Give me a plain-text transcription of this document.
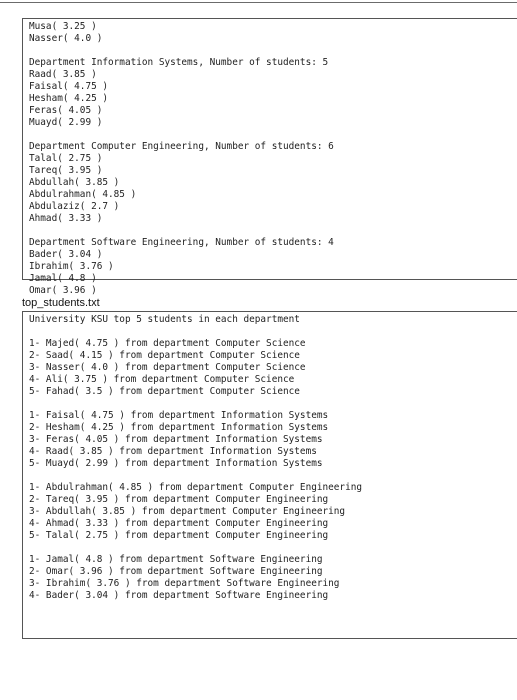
Musa( 3.25 )
Nasser( 4.0 )
Department Information Systems, Number of students: 5
Raad( 3.85 )
Faisal( 4.75 )
Hesham( 4.25 )
Feras( 4.05 )
Muayd( 2.99 )
Department Computer Engineering, Number of students: 6
Talal( 2.75 )
Tareq( 3.95 )
Abdullah( 3.85 )
Abdulrahman( 4.85 )
Abdulaziz( 2.7 )
Ahmad( 3.33 )
Department Software Engineering, Number of students: 4
Bader( 3.04 )
Ibrahim( 3.76 )
Jamal( 4.8 )
Omar( 3.96 )
top_students.txt
University KSU top 5 students in each department
1- Majed( 4.75 ) from department Computer Science
2- Saad( 4.15 ) from department Computer Science
3- Nasser( 4.0 ) from department Computer Science
4- Ali( 3.75 ) from department Computer Science
5- Fahad( 3.5 ) from department Computer Science
1- Faisal( 4.75 ) from department Information Systems
2- Hesham( 4.25 ) from department Information Systems
3- Feras( 4.05 ) from department Information Systems
4- Raad( 3.85 ) from department Information Systems
5- Muayd( 2.99 ) from department Information Systems
1- Abdulrahman( 4.85 ) from department Computer Engineering
2- Tareq( 3.95 ) from department Computer Engineering
3- Abdullah( 3.85 ) from department Computer Engineering
4- Ahmad( 3.33 ) from department Computer Engineering
5- Talal( 2.75 ) from department Computer Engineering
1- Jamal( 4.8 ) from department Software Engineering
2- Omar( 3.96 ) from department Software Engineering
3- Ibrahim( 3.76 ) from department Software Engineering
4- Bader( 3.04 ) from department Software Engineering
